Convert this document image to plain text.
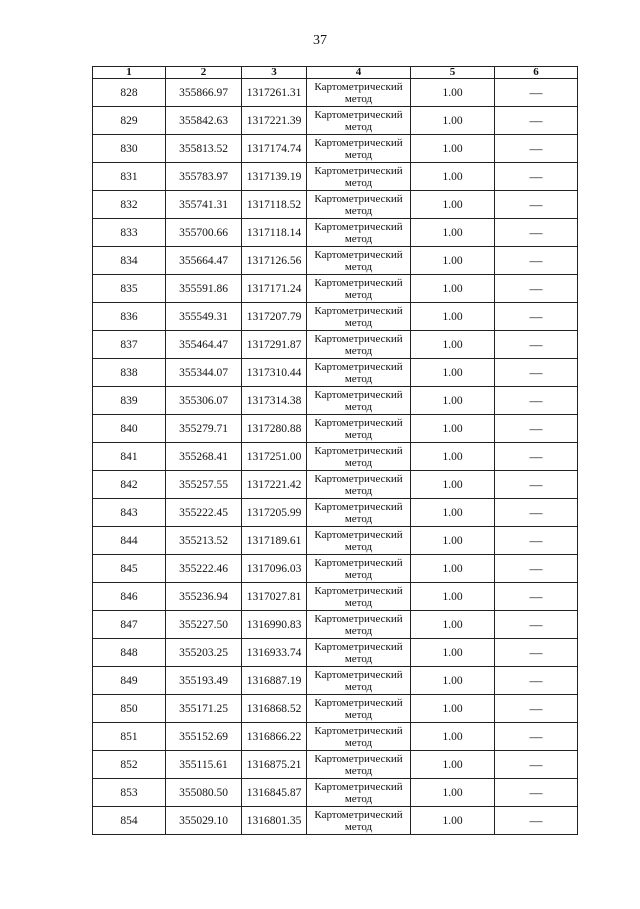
37
1	2	3	4	5	6
828	355866.97	1317261.31	Картометрический метод	1.00	—
829	355842.63	1317221.39	Картометрический метод	1.00	—
830	355813.52	1317174.74	Картометрический метод	1.00	—
831	355783.97	1317139.19	Картометрический метод	1.00	—
832	355741.31	1317118.52	Картометрический метод	1.00	—
833	355700.66	1317118.14	Картометрический метод	1.00	—
834	355664.47	1317126.56	Картометрический метод	1.00	—
835	355591.86	1317171.24	Картометрический метод	1.00	—
836	355549.31	1317207.79	Картометрический метод	1.00	—
837	355464.47	1317291.87	Картометрический метод	1.00	—
838	355344.07	1317310.44	Картометрический метод	1.00	—
839	355306.07	1317314.38	Картометрический метод	1.00	—
840	355279.71	1317280.88	Картометрический метод	1.00	—
841	355268.41	1317251.00	Картометрический метод	1.00	—
842	355257.55	1317221.42	Картометрический метод	1.00	—
843	355222.45	1317205.99	Картометрический метод	1.00	—
844	355213.52	1317189.61	Картометрический метод	1.00	—
845	355222.46	1317096.03	Картометрический метод	1.00	—
846	355236.94	1317027.81	Картометрический метод	1.00	—
847	355227.50	1316990.83	Картометрический метод	1.00	—
848	355203.25	1316933.74	Картометрический метод	1.00	—
849	355193.49	1316887.19	Картометрический метод	1.00	—
850	355171.25	1316868.52	Картометрический метод	1.00	—
851	355152.69	1316866.22	Картометрический метод	1.00	—
852	355115.61	1316875.21	Картометрический метод	1.00	—
853	355080.50	1316845.87	Картометрический метод	1.00	—
854	355029.10	1316801.35	Картометрический метод	1.00	—
